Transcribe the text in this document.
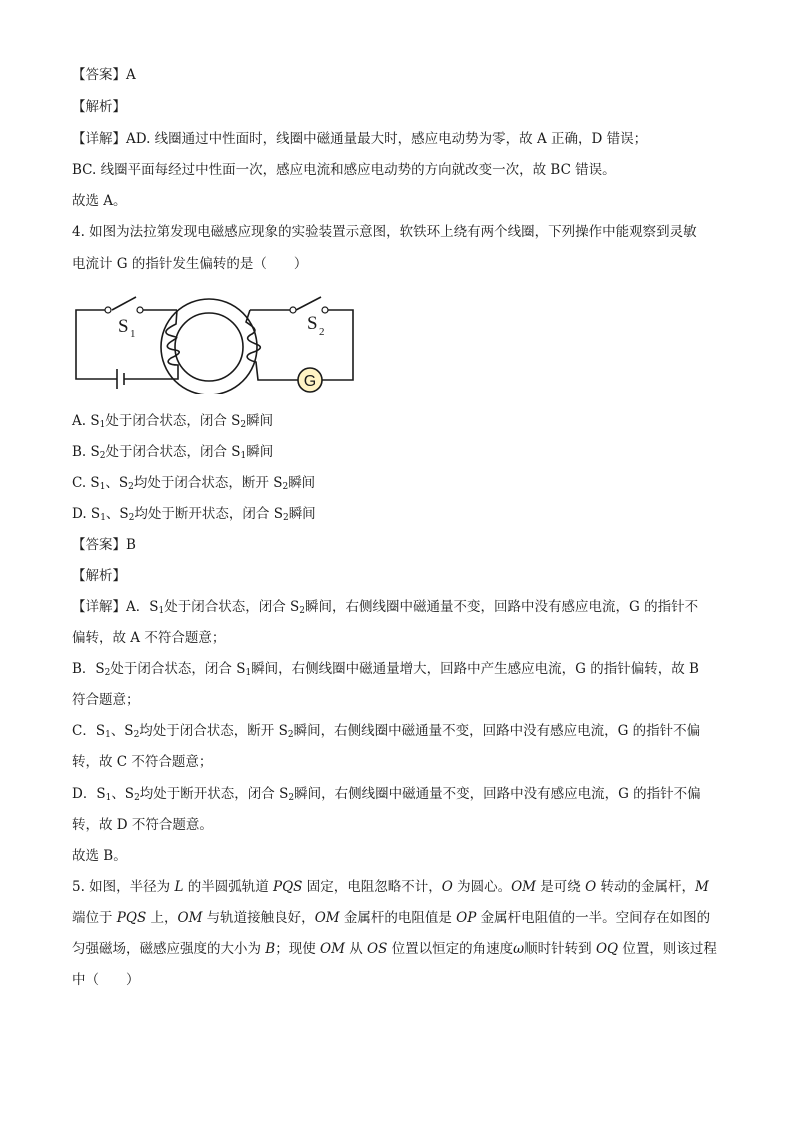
【答案】A
【解析】
【详解】AD. 线圈通过中性面时，线圈中磁通量最大时，感应电动势为零，故 A 正确，D 错误；
BC. 线圈平面每经过中性面一次，感应电流和感应电动势的方向就改变一次，故 BC 错误。
故选 A。
4. 如图为法拉第发现电磁感应现象的实验装置示意图，软铁环上绕有两个线圈，下列操作中能观察到灵敏
电流计 G 的指针发生偏转的是（　　）
G
S 1	S 2
A. $S_1$处于闭合状态，闭合 $S_2$瞬间
B. $S_2$处于闭合状态，闭合 $S_1$瞬间
C. $S_1$、$S_2$均处于闭合状态，断开 $S_2$瞬间
D. $S_1$、$S_2$均处于断开状态，闭合 $S_2$瞬间
【答案】B
【解析】
【详解】A．$S_1$处于闭合状态，闭合 $S_2$瞬间，右侧线圈中磁通量不变，回路中没有感应电流，G 的指针不
偏转，故 A 不符合题意；
B．$S_2$处于闭合状态，闭合 $S_1$瞬间，右侧线圈中磁通量增大，回路中产生感应电流，G 的指针偏转，故 B
符合题意；
C．$S_1$、$S_2$均处于闭合状态，断开 $S_2$瞬间，右侧线圈中磁通量不变，回路中没有感应电流，G 的指针不偏
转，故 C 不符合题意；
D．$S_1$、$S_2$均处于断开状态，闭合 $S_2$瞬间，右侧线圈中磁通量不变，回路中没有感应电流，G 的指针不偏
转，故 D 不符合题意。
故选 B。
5. 如图，半径为 L 的半圆弧轨道 PQS 固定，电阻忽略不计，O 为圆心。OM 是可绕 O 转动的金属杆，M
端位于 PQS 上，OM 与轨道接触良好，OM 金属杆的电阻值是 OP 金属杆电阻值的一半。空间存在如图的
匀强磁场，磁感应强度的大小为 B；现使 OM 从 OS 位置以恒定的角速度ω顺时针转到 OQ 位置，则该过程
中（　　）
